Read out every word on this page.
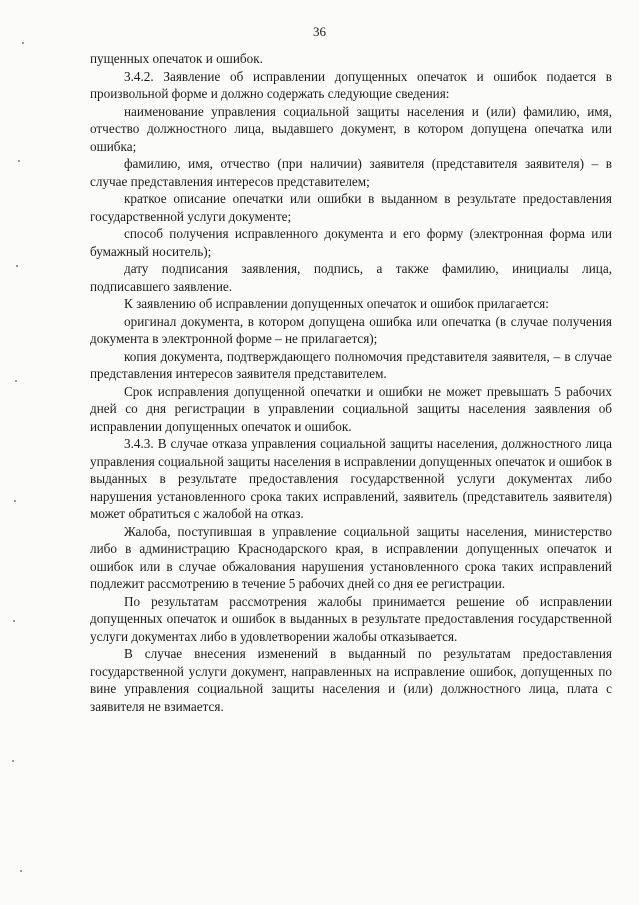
36

пущенных опечаток и ошибок.

3.4.2. Заявление об исправлении допущенных опечаток и ошибок подается в произвольной форме и должно содержать следующие сведения:

наименование управления социальной защиты населения и (или) фамилию, имя, отчество должностного лица, выдавшего документ, в котором допущена опечатка или ошибка;

фамилию, имя, отчество (при наличии) заявителя (представителя заявителя) – в случае представления интересов представителем;

краткое описание опечатки или ошибки в выданном в результате предоставления государственной услуги документе;

способ получения исправленного документа и его форму (электронная форма или бумажный носитель);

дату подписания заявления, подпись, а также фамилию, инициалы лица, подписавшего заявление.

К заявлению об исправлении допущенных опечаток и ошибок прилагается:

оригинал документа, в котором допущена ошибка или опечатка (в случае получения документа в электронной форме – не прилагается);

копия документа, подтверждающего полномочия представителя заявителя, – в случае представления интересов заявителя представителем.

Срок исправления допущенной опечатки и ошибки не может превышать 5 рабочих дней со дня регистрации в управлении социальной защиты населения заявления об исправлении допущенных опечаток и ошибок.

3.4.3. В случае отказа управления социальной защиты населения, должностного лица управления социальной защиты населения в исправлении допущенных опечаток и ошибок в выданных в результате предоставления государственной услуги документах либо нарушения установленного срока таких исправлений, заявитель (представитель заявителя) может обратиться с жалобой на отказ.

Жалоба, поступившая в управление социальной защиты населения, министерство либо в администрацию Краснодарского края, в исправлении допущенных опечаток и ошибок или в случае обжалования нарушения установленного срока таких исправлений подлежит рассмотрению в течение 5 рабочих дней со дня ее регистрации.

По результатам рассмотрения жалобы принимается решение об исправлении допущенных опечаток и ошибок в выданных в результате предоставления государственной услуги документах либо в удовлетворении жалобы отказывается.

В случае внесения изменений в выданный по результатам предоставления государственной услуги документ, направленных на исправление ошибок, допущенных по вине управления социальной защиты населения и (или) должностного лица, плата с заявителя не взимается.
